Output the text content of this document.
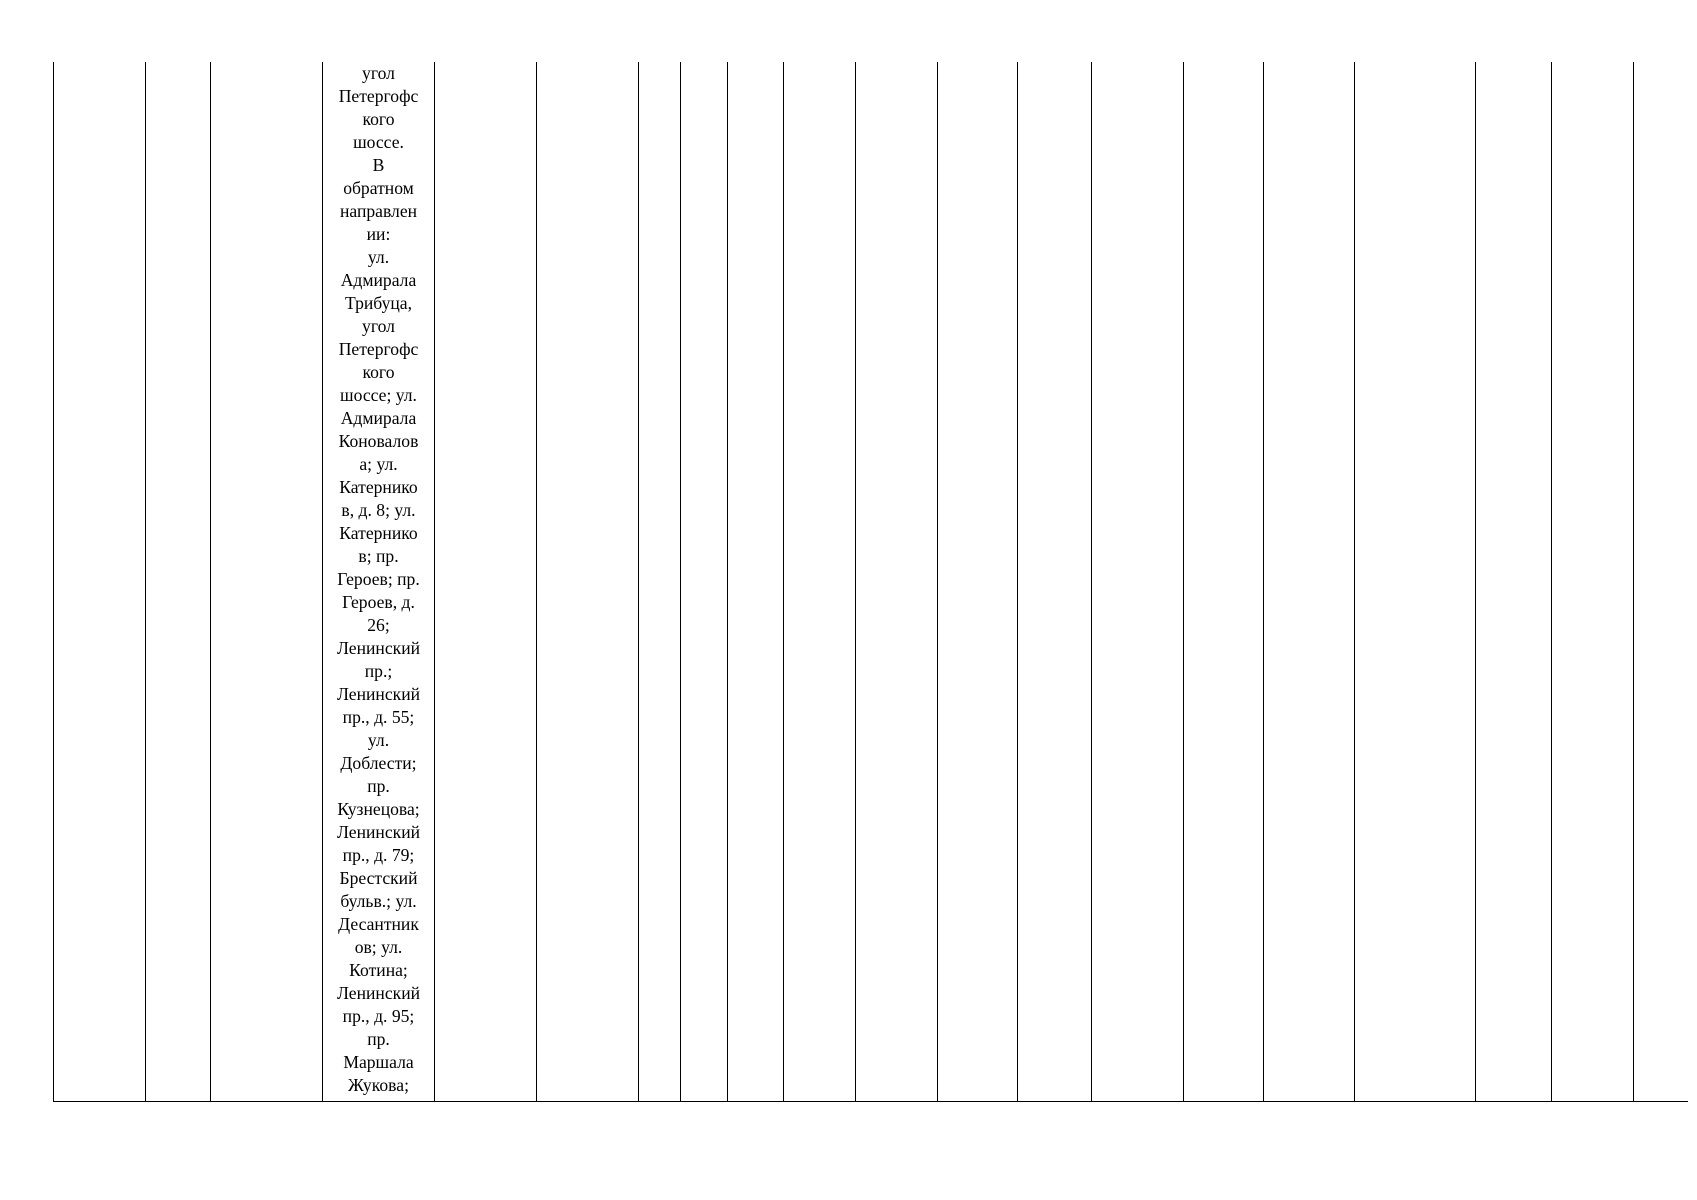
угол
Петергофс
кого
шоссе.
В
обратном
направлен
ии:
ул.
Адмирала
Трибуца,
угол
Петергофс
кого
шоссе; ул.
Адмирала
Коновалов
а; ул.
Катернико
в, д. 8; ул.
Катернико
в; пр.
Героев; пр.
Героев, д.
26;
Ленинский
пр.;
Ленинский
пр., д. 55;
ул.
Доблести;
пр.
Кузнецова;
Ленинский
пр., д. 79;
Брестский
бульв.; ул.
Десантник
ов; ул.
Котина;
Ленинский
пр., д. 95;
пр.
Маршала
Жукова;
